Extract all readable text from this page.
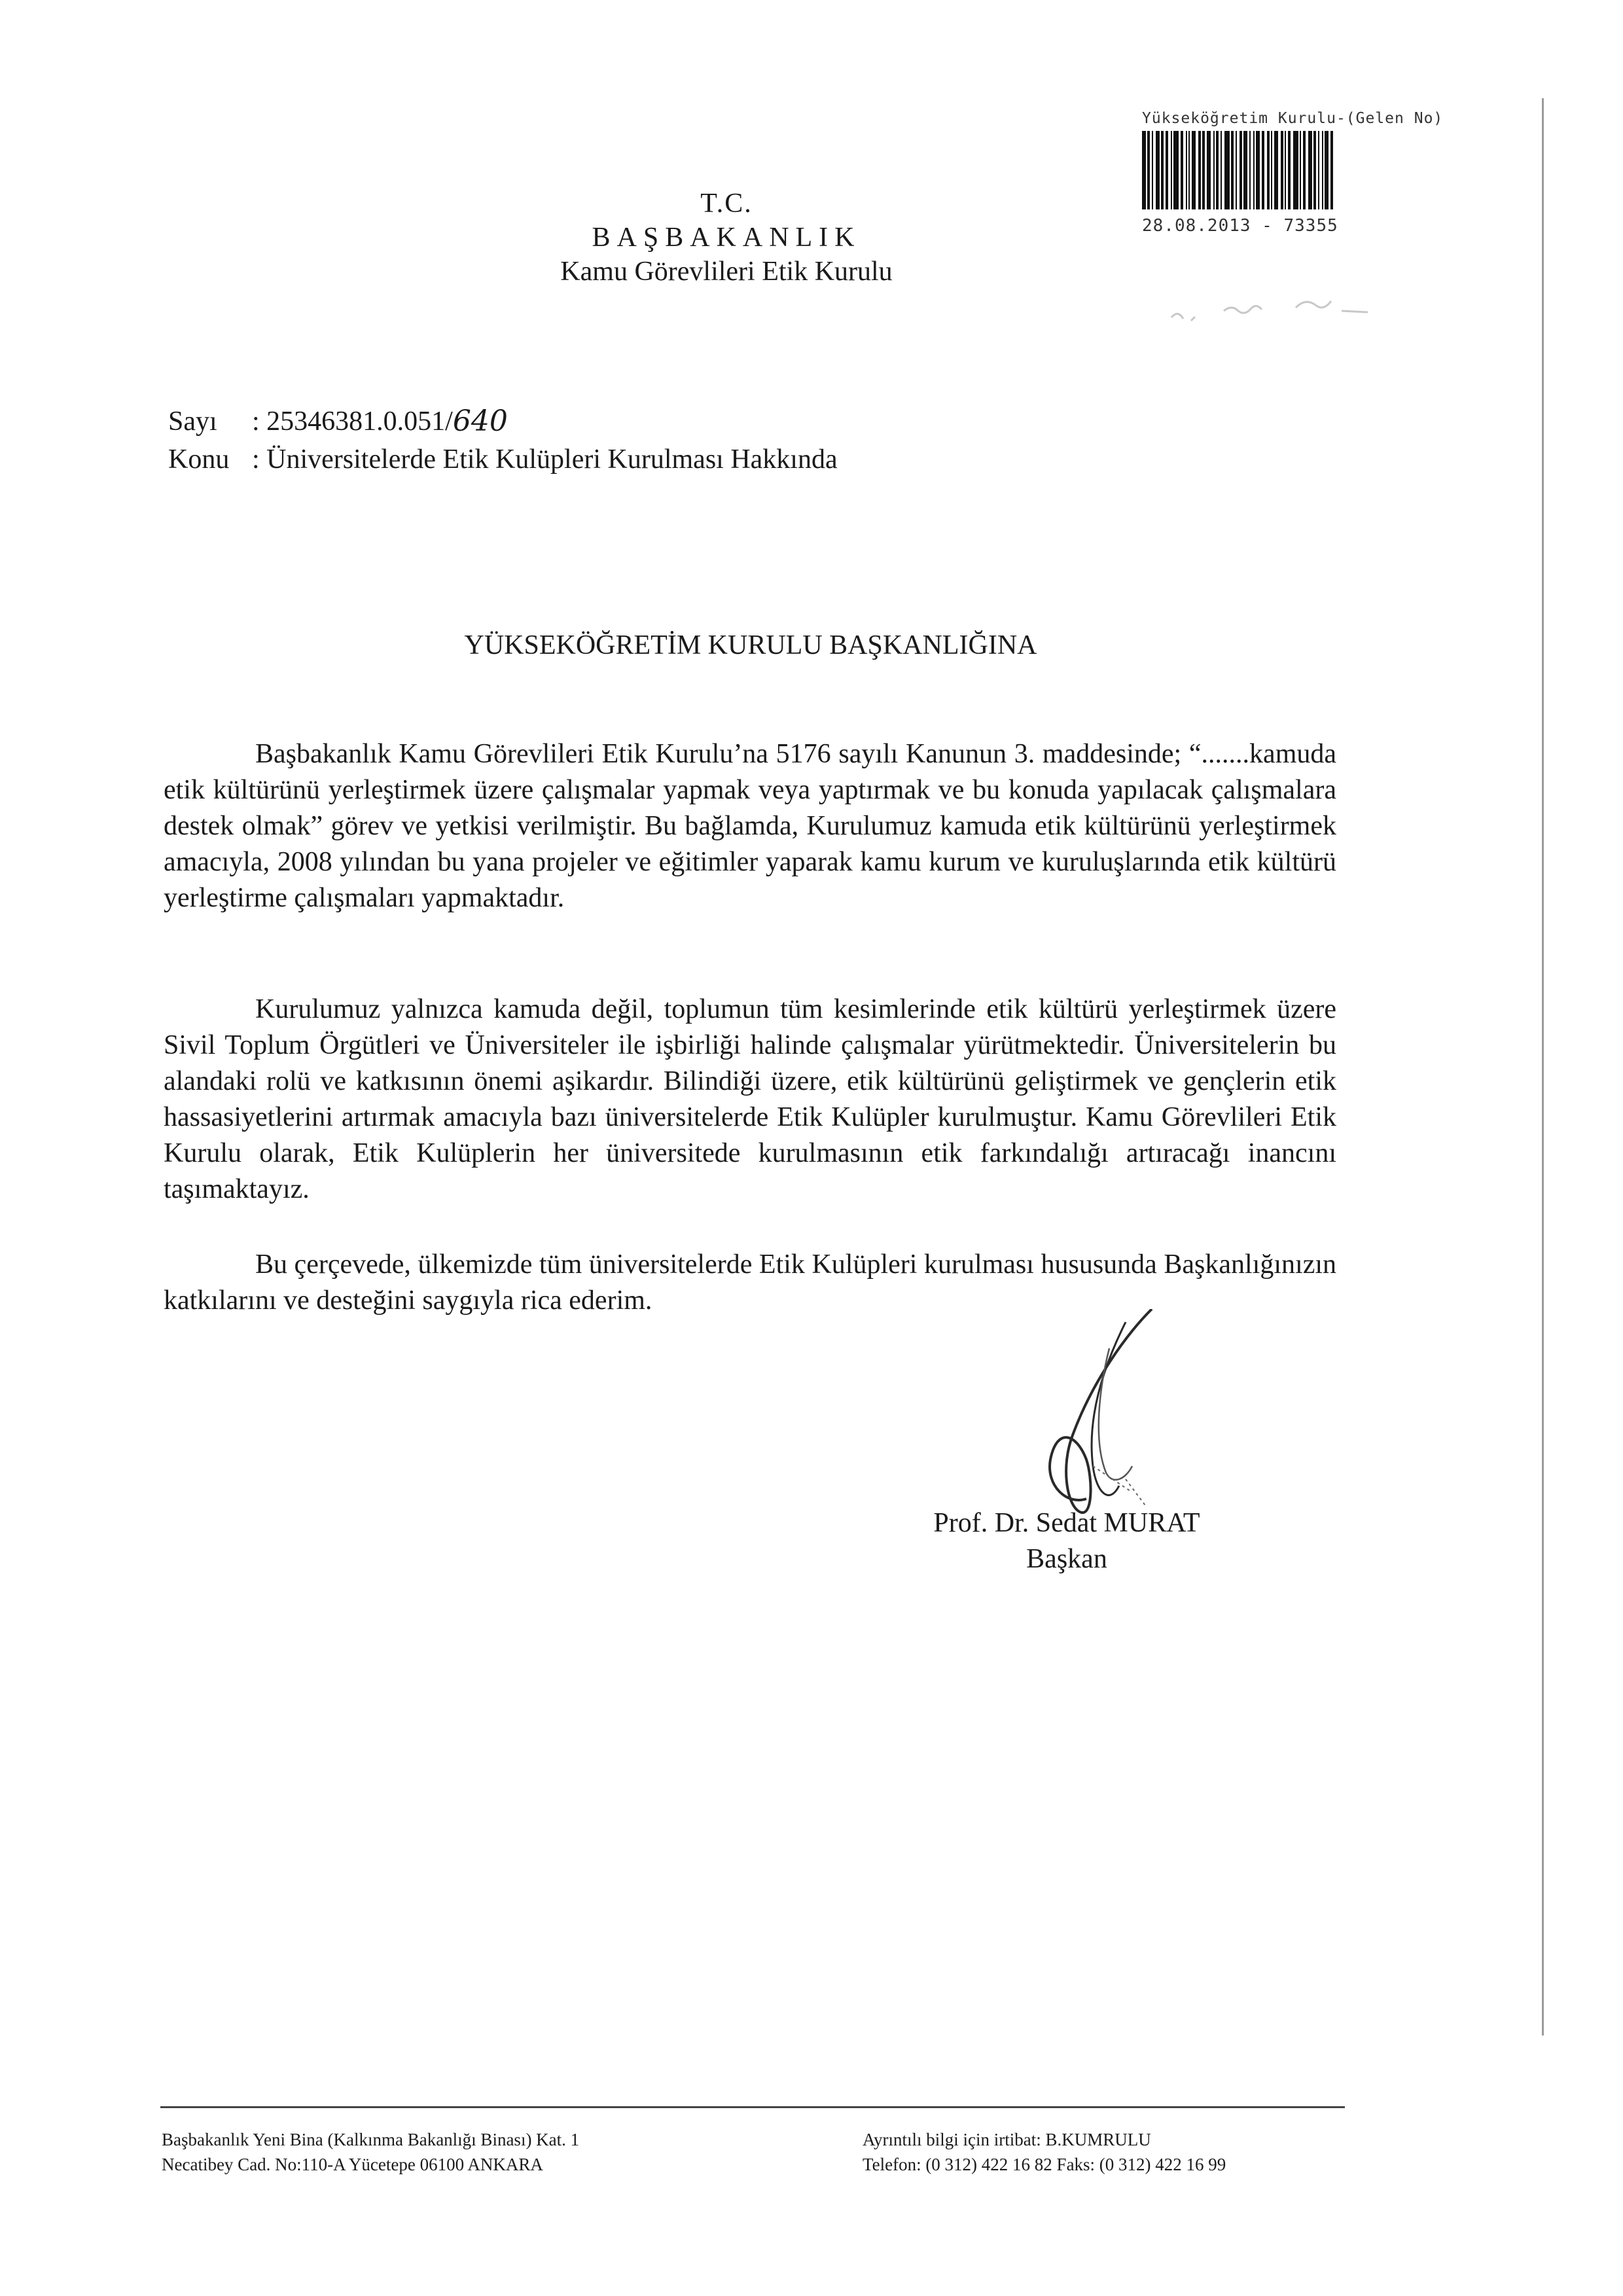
Yükseköğretim Kurulu-(Gelen No)
28.08.2013 - 73355
T.C.
BAŞBAKANLIK
Kamu Görevlileri Etik Kurulu
Sayı	: 25346381.0.051/ 640
Konu : Üniversitelerde Etik Kulüpleri Kurulması Hakkında
YÜKSEKÖĞRETİM KURULU BAŞKANLIĞINA
Başbakanlık Kamu Görevlileri Etik Kurulu’na 5176 sayılı Kanunun 3. maddesinde; “.......kamuda etik kültürünü yerleştirmek üzere çalışmalar yapmak veya yaptırmak ve bu konuda yapılacak çalışmalara destek olmak” görev ve yetkisi verilmiştir. Bu bağlamda, Kurulumuz kamuda etik kültürünü yerleştirmek amacıyla, 2008 yılından bu yana projeler ve eğitimler yaparak kamu kurum ve kuruluşlarında etik kültürü yerleştirme çalışmaları yapmaktadır.
Kurulumuz yalnızca kamuda değil, toplumun tüm kesimlerinde etik kültürü yerleştirmek üzere Sivil Toplum Örgütleri ve Üniversiteler ile işbirliği halinde çalışmalar yürütmektedir. Üniversitelerin bu alandaki rolü ve katkısının önemi aşikardır. Bilindiği üzere, etik kültürünü geliştirmek ve gençlerin etik hassasiyetlerini artırmak amacıyla bazı üniversitelerde Etik Kulüpler kurulmuştur. Kamu Görevlileri Etik Kurulu olarak, Etik Kulüplerin her üniversitede kurulmasının etik farkındalığı artıracağı inancını taşımaktayız.
Bu çerçevede, ülkemizde tüm üniversitelerde Etik Kulüpleri kurulması hususunda Başkanlığınızın katkılarını ve desteğini saygıyla rica ederim.
Prof. Dr. Sedat MURAT
Başkan
Başbakanlık Yeni Bina (Kalkınma Bakanlığı Binası) Kat. 1
Necatibey Cad. No:110-A Yücetepe 06100 ANKARA
Ayrıntılı bilgi için irtibat: B.KUMRULU
Telefon: (0 312) 422 16 82 Faks: (0 312) 422 16 99
